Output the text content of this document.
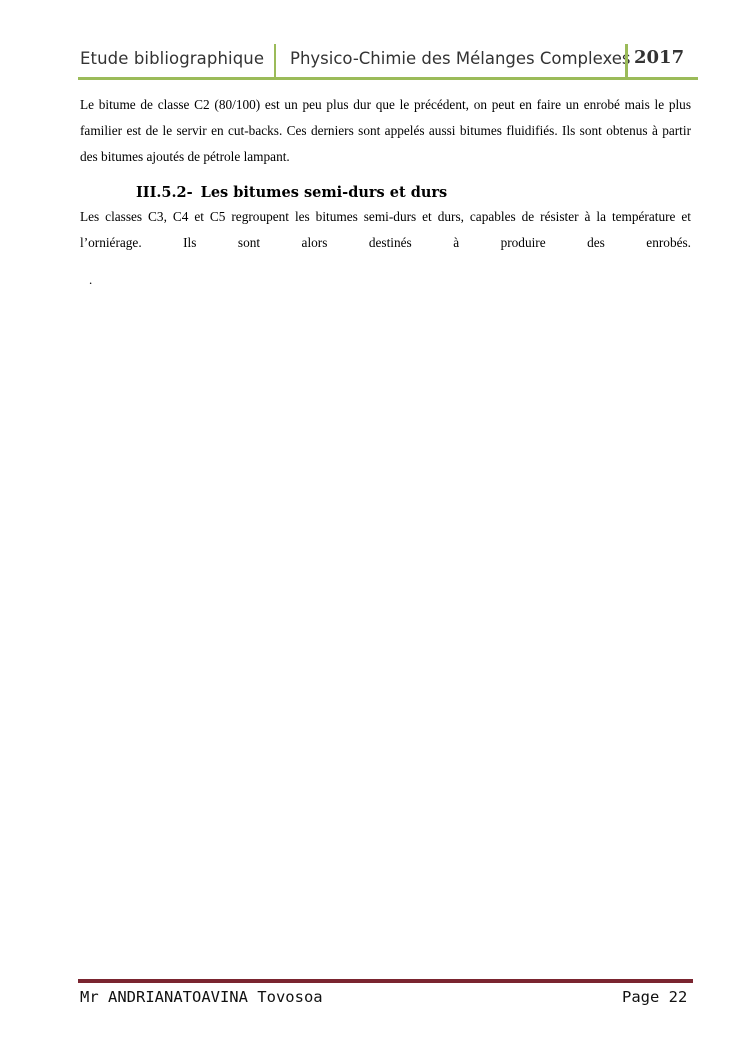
Etude bibliographique Physico-Chimie des Mélanges Complexes 2017

Le bitume de classe C2 (80/100) est un peu plus dur que le précédent, on peut en faire un enrobé mais le plus familier est de le servir en cut-backs. Ces derniers sont appelés aussi bitumes fluidifiés. Ils sont obtenus à partir des bitumes ajoutés de pétrole lampant.

III.5.2- Les bitumes semi-durs et durs

Les classes C3, C4 et C5 regroupent les bitumes semi-durs et durs, capables de résister à la température et l’orniérage. Ils sont alors destinés à produire des enrobés.

.
Mr ANDRIANATOAVINA Tovosoa	Page 22
